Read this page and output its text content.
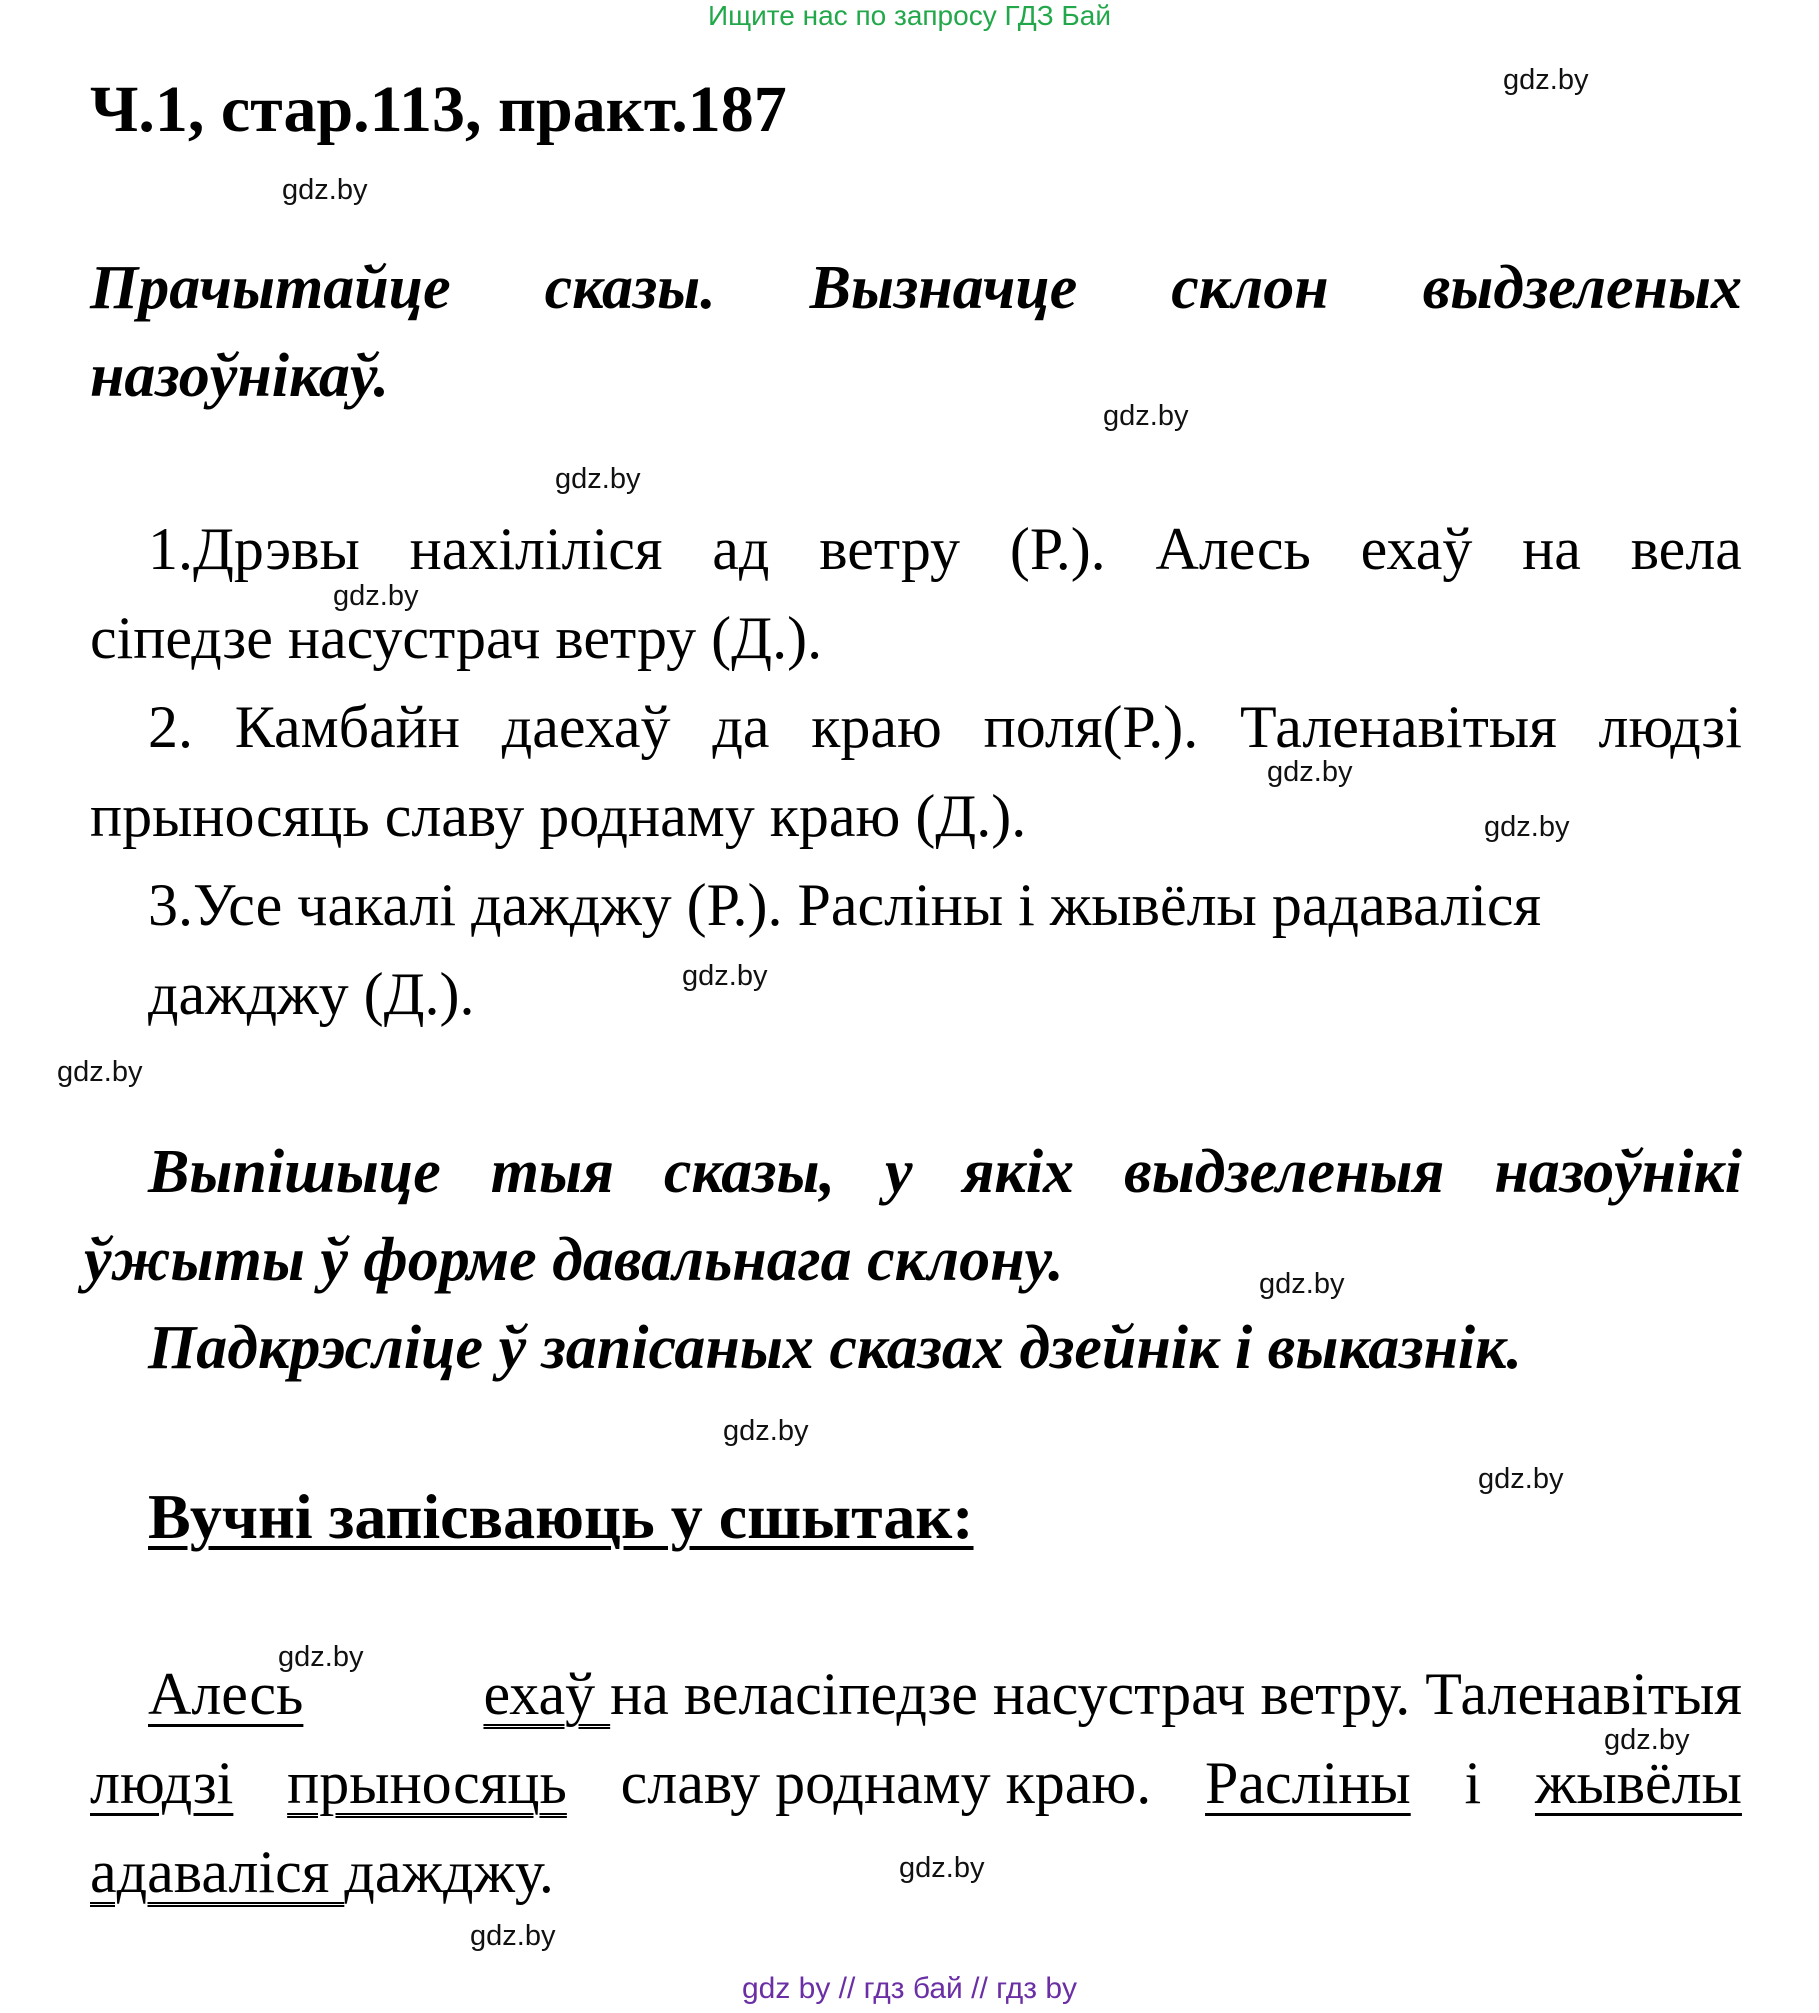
Ищите нас по запросу ГДЗ Бай
Ч.1, стар.113, практ.187	gdz.by
gdz.by
gdz.by
gdz.by
gdz.by
gdz.by
gdz.by
gdz.by
gdz.by
gdz.by
gdz.by
gdz.by
gdz.by
gdz.by
gdz.by
gdz.by
Прачытайце сказы. Вызначце склон выдзеленых
назоўнікаў.
1.Дрэвы нахіліліся ад ветру (Р.). Алесь ехаў на вела
сіпедзе насустрач ветру (Д.).
2. Камбайн даехаў да краю поля(Р.). Таленавітыя людзі
прыносяць славу роднаму краю (Д.).
3.Усе чакалі дажджу (Р.). Расліны і жывёлы радаваліся
дажджу (Д.).
Выпішыце тыя сказы, у якіх выдзеленыя назоўнікі
ўжыты ў форме давальнага склону.
Падкрэсліце ў запісаных сказах дзейнік і выказнік.
Вучні запісваюць у сшытак:
Алесь	ехаў на веласіпедзе насустрач ветру. Таленавітыя
людзі прыносяць славу роднаму краю. Расліны і жывёлы
адаваліся дажджу.
gdz by // гдз бай // гдз by
